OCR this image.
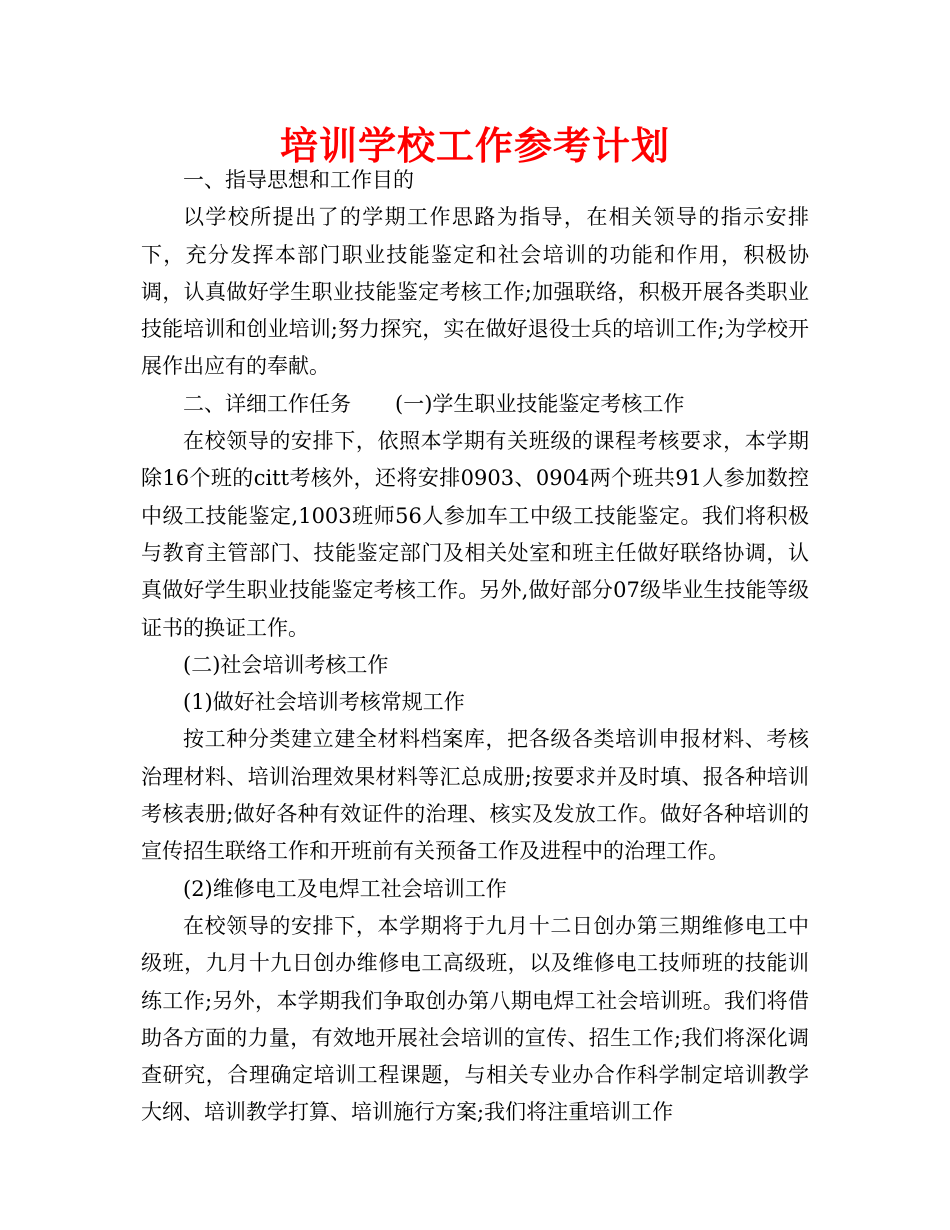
培训学校工作参考计划

一、指导思想和工作目的

以学校所提出了的学期工作思路为指导，在相关领导的指示安排下，充分发挥本部门职业技能鉴定和社会培训的功能和作用，积极协调，认真做好学生职业技能鉴定考核工作;加强联络，积极开展各类职业技能培训和创业培训;努力探究，实在做好退役士兵的培训工作;为学校开展作出应有的奉献。

二、详细工作任务 (一)学生职业技能鉴定考核工作

在校领导的安排下，依照本学期有关班级的课程考核要求，本学期除16个班的citt考核外，还将安排0903、0904两个班共91人参加数控中级工技能鉴定,1003班师56人参加车工中级工技能鉴定。我们将积极与教育主管部门、技能鉴定部门及相关处室和班主任做好联络协调，认真做好学生职业技能鉴定考核工作。另外,做好部分07级毕业生技能等级证书的换证工作。

(二)社会培训考核工作

(1)做好社会培训考核常规工作

按工种分类建立建全材料档案库，把各级各类培训申报材料、考核治理材料、培训治理效果材料等汇总成册;按要求并及时填、报各种培训考核表册;做好各种有效证件的治理、核实及发放工作。做好各种培训的宣传招生联络工作和开班前有关预备工作及进程中的治理工作。

(2)维修电工及电焊工社会培训工作

在校领导的安排下，本学期将于九月十二日创办第三期维修电工中级班，九月十九日创办维修电工高级班，以及维修电工技师班的技能训练工作;另外，本学期我们争取创办第八期电焊工社会培训班。我们将借助各方面的力量，有效地开展社会培训的宣传、招生工作;我们将深化调查研究，合理确定培训工程课题，与相关专业办合作科学制定培训教学大纲、培训教学打算、培训施行方案;我们将注重培训工作
